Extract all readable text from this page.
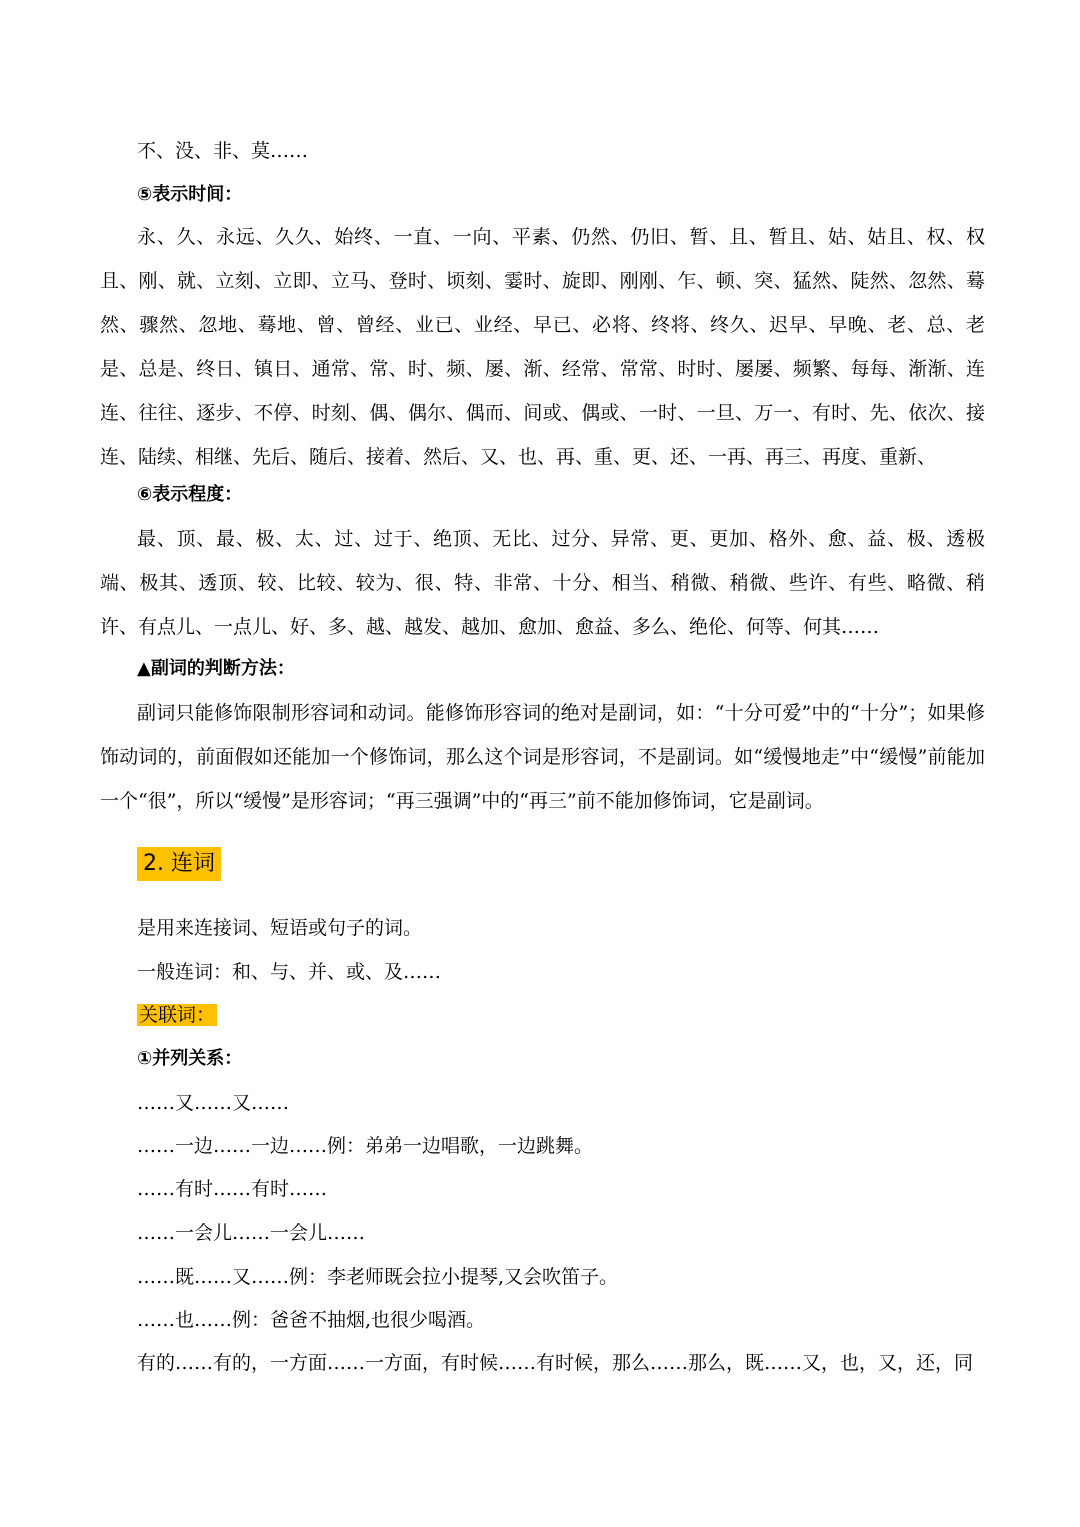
不、没、非、莫……
⑤表示时间：
永、久、永远、久久、始终、一直、一向、平素、仍然、仍旧、暂、且、暂且、姑、姑且、权、权且、刚、就、立刻、立即、立马、登时、顷刻、霎时、旋即、刚刚、乍、顿、突、猛然、陡然、忽然、蓦然、骤然、忽地、蓦地、曾、曾经、业已、业经、早已、必将、终将、终久、迟早、早晚、老、总、老是、总是、终日、镇日、通常、常、时、频、屡、渐、经常、常常、时时、屡屡、频繁、每每、渐渐、连连、往往、逐步、不停、时刻、偶、偶尔、偶而、间或、偶或、一时、一旦、万一、有时、先、依次、接连、陆续、相继、先后、随后、接着、然后、又、也、再、重、更、还、一再、再三、再度、重新、
⑥表示程度：
最、顶、最、极、太、过、过于、绝顶、无比、过分、异常、更、更加、格外、愈、益、极、透极端、极其、透顶、较、比较、较为、很、特、非常、十分、相当、稍微、稍微、些许、有些、略微、稍许、有点儿、一点儿、好、多、越、越发、越加、愈加、愈益、多么、绝伦、何等、何其……
▲副词的判断方法：
副词只能修饰限制形容词和动词。能修饰形容词的绝对是副词，如：“十分可爱”中的“十分”；如果修饰动词的，前面假如还能加一个修饰词，那么这个词是形容词，不是副词。如“缓慢地走”中“缓慢”前能加一个“很”，所以“缓慢”是形容词；“再三强调”中的“再三”前不能加修饰词，它是副词。
2. 连词
是用来连接词、短语或句子的词。
一般连词：和、与、并、或、及……
关联词：
①并列关系：
……又……又……
……一边……一边……例：弟弟一边唱歌，一边跳舞。
……有时……有时……
……一会儿……一会儿……
……既……又……例：李老师既会拉小提琴,又会吹笛子。
……也……例：爸爸不抽烟,也很少喝酒。
有的……有的，一方面……一方面，有时候……有时候，那么……那么，既……又，也，又，还，同
